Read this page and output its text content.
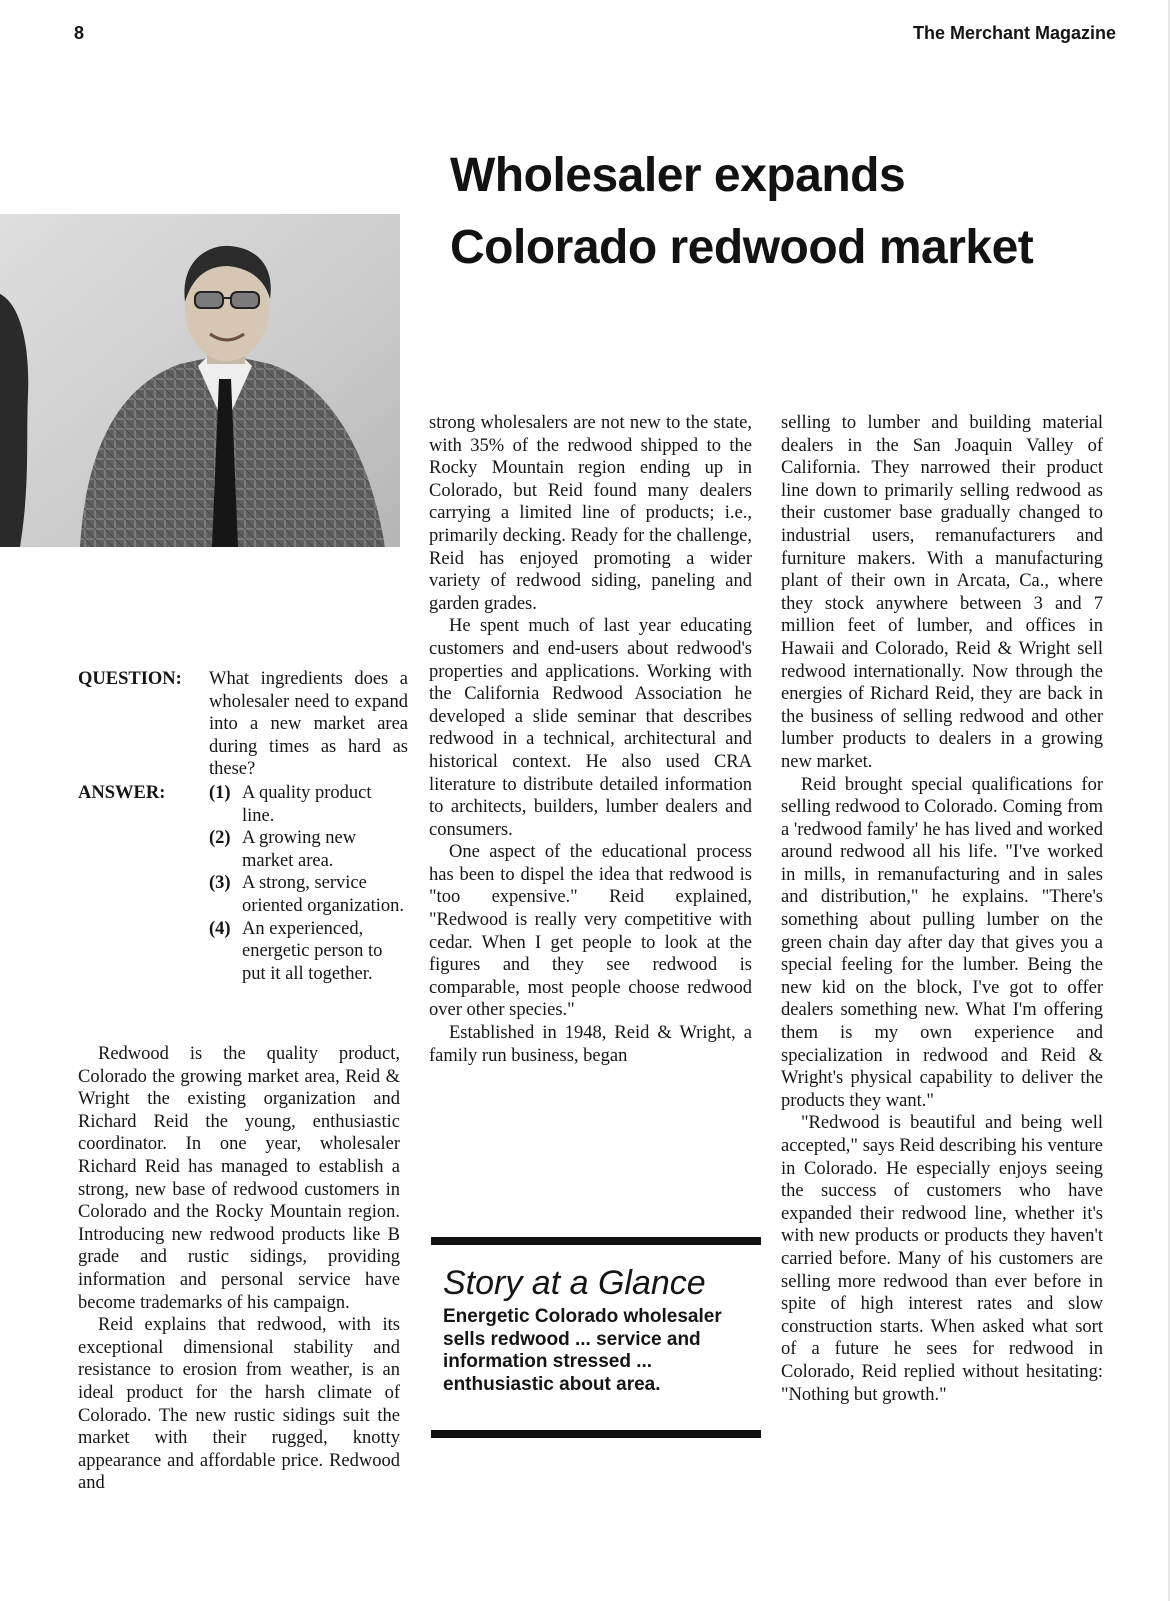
8	The Merchant Magazine
Wholesaler expands
Colorado redwood market
QUESTION: What ingredients does a wholesaler need to expand into a new market area during times as hard as these?
ANSWER: (1) A quality product line.
(2) A growing new market area.
(3) A strong, service oriented organization.
(4) An experienced, energetic person to put it all together.

Redwood is the quality product, Colorado the growing market area, Reid & Wright the existing organization and Richard Reid the young, enthusiastic coordinator. In one year, wholesaler Richard Reid has managed to establish a strong, new base of redwood customers in Colorado and the Rocky Mountain region. Introducing new redwood products like B grade and rustic sidings, providing information and personal service have become trademarks of his campaign.

Reid explains that redwood, with its exceptional dimensional stability and resistance to erosion from weather, is an ideal product for the harsh climate of Colorado. The new rustic sidings suit the market with their rugged, knotty appearance and affordable price. Redwood and

strong wholesalers are not new to the state, with 35% of the redwood shipped to the Rocky Mountain region ending up in Colorado, but Reid found many dealers carrying a limited line of products; i.e., primarily decking. Ready for the challenge, Reid has enjoyed promoting a wider variety of redwood siding, paneling and garden grades.

He spent much of last year educating customers and end-users about redwood's properties and applications. Working with the California Redwood Association he developed a slide seminar that describes redwood in a technical, architectural and historical context. He also used CRA literature to distribute detailed information to architects, builders, lumber dealers and consumers.

One aspect of the educational process has been to dispel the idea that redwood is "too expensive." Reid explained, "Redwood is really very competitive with cedar. When I get people to look at the figures and they see redwood is comparable, most people choose redwood over other species."

Established in 1948, Reid & Wright, a family run business, began

Story at a Glance
Energetic Colorado wholesaler sells redwood ... service and information stressed ... enthusiastic about area.

selling to lumber and building material dealers in the San Joaquin Valley of California. They narrowed their product line down to primarily selling redwood as their customer base gradually changed to industrial users, remanufacturers and furniture makers. With a manufacturing plant of their own in Arcata, Ca., where they stock anywhere between 3 and 7 million feet of lumber, and offices in Hawaii and Colorado, Reid & Wright sell redwood internationally. Now through the energies of Richard Reid, they are back in the business of selling redwood and other lumber products to dealers in a growing new market.

Reid brought special qualifications for selling redwood to Colorado. Coming from a 'redwood family' he has lived and worked around redwood all his life. "I've worked in mills, in remanufacturing and in sales and distribution," he explains. "There's something about pulling lumber on the green chain day after day that gives you a special feeling for the lumber. Being the new kid on the block, I've got to offer dealers something new. What I'm offering them is my own experience and specialization in redwood and Reid & Wright's physical capability to deliver the products they want."

"Redwood is beautiful and being well accepted," says Reid describing his venture in Colorado. He especially enjoys seeing the success of customers who have expanded their redwood line, whether it's with new products or products they haven't carried before. Many of his customers are selling more redwood than ever before in spite of high interest rates and slow construction starts. When asked what sort of a future he sees for redwood in Colorado, Reid replied without hesitating: "Nothing but growth."
